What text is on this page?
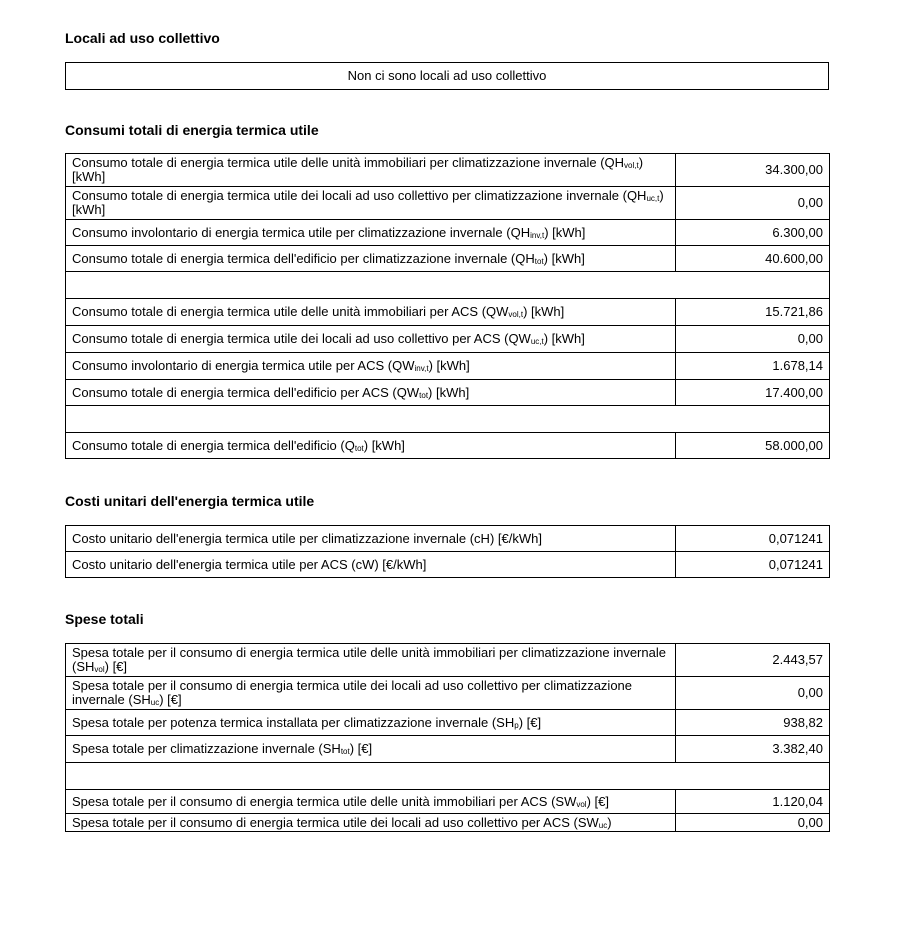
Locali ad uso collettivo
Non ci sono locali ad uso collettivo
Consumi totali di energia termica utile
Consumo totale di energia termica utile delle unità immobiliari per climatizzazione invernale $(QH_{vol,t})$ [kWh]	34.300,00
Consumo totale di energia termica utile dei locali ad uso collettivo per climatizzazione invernale $(QH_{uc,t})$ [kWh]	0,00
Consumo involontario di energia termica utile per climatizzazione invernale $(QH_{inv,t})$ [kWh]	6.300,00
Consumo totale di energia termica dell'edificio per climatizzazione invernale $(QH_{tot})$ [kWh]	40.600,00

Consumo totale di energia termica utile delle unità immobiliari per ACS $(QW_{vol,t})$ [kWh]	15.721,86
Consumo totale di energia termica utile dei locali ad uso collettivo per ACS $(QW_{uc,t})$ [kWh]	0,00
Consumo involontario di energia termica utile per ACS $(QW_{inv,t})$ [kWh]	1.678,14
Consumo totale di energia termica dell'edificio per ACS $(QW_{tot})$ [kWh]	17.400,00

Consumo totale di energia termica dell'edificio $(Q_{tot})$ [kWh]	58.000,00
Costi unitari dell'energia termica utile
Costo unitario dell'energia termica utile per climatizzazione invernale (cH) [€/kWh]	0,071241
Costo unitario dell'energia termica utile per ACS (cW) [€/kWh]	0,071241
Spese totali
Spesa totale per il consumo di energia termica utile delle unità immobiliari per climatizzazione invernale $(SH_{vol})$ [€]	2.443,57
Spesa totale per il consumo di energia termica utile dei locali ad uso collettivo per climatizzazione invernale $(SH_{uc})$ [€]	0,00
Spesa totale per potenza termica installata per climatizzazione invernale $(SH_p)$ [€]	938,82
Spesa totale per climatizzazione invernale $(SH_{tot})$ [€]	3.382,40

Spesa totale per il consumo di energia termica utile delle unità immobiliari per ACS $(SW_{vol})$ [€]	1.120,04
Spesa totale per il consumo di energia termica utile dei locali ad uso collettivo per ACS $(SW_{uc})$	0,00
